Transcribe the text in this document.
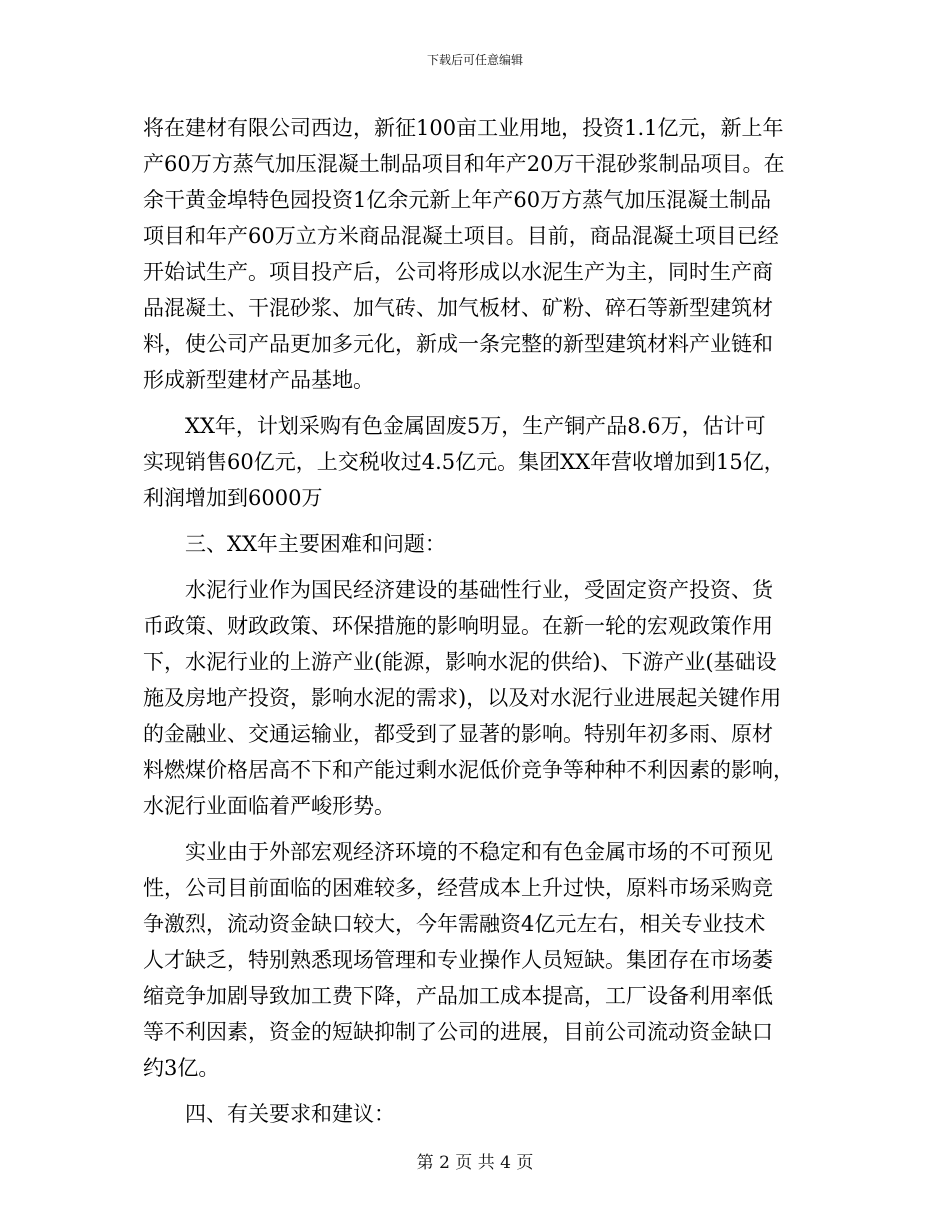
下载后可任意编辑
将在建材有限公司西边，新征100亩工业用地，投资1.1亿元，新上年
产60万方蒸气加压混凝土制品项目和年产20万干混砂浆制品项目。在
余干黄金埠特色园投资1亿余元新上年产60万方蒸气加压混凝土制品
项目和年产60万立方米商品混凝土项目。目前，商品混凝土项目已经
开始试生产。项目投产后，公司将形成以水泥生产为主，同时生产商
品混凝土、干混砂浆、加气砖、加气板材、矿粉、碎石等新型建筑材
料，使公司产品更加多元化，新成一条完整的新型建筑材料产业链和
形成新型建材产品基地。
XX年，计划采购有色金属固废5万，生产铜产品8.6万，估计可
实现销售60亿元，上交税收过4.5亿元。集团XX年营收增加到15亿，
利润增加到6000万
三、XX年主要困难和问题：
水泥行业作为国民经济建设的基础性行业，受固定资产投资、货
币政策、财政政策、环保措施的影响明显。在新一轮的宏观政策作用
下，水泥行业的上游产业(能源，影响水泥的供给)、下游产业(基础设
施及房地产投资，影响水泥的需求)，以及对水泥行业进展起关键作用
的金融业、交通运输业，都受到了显著的影响。特别年初多雨、原材
料燃煤价格居高不下和产能过剩水泥低价竞争等种种不利因素的影响，
水泥行业面临着严峻形势。
实业由于外部宏观经济环境的不稳定和有色金属市场的不可预见
性，公司目前面临的困难较多，经营成本上升过快，原料市场采购竞
争激烈，流动资金缺口较大，今年需融资4亿元左右，相关专业技术
人才缺乏，特别熟悉现场管理和专业操作人员短缺。集团存在市场萎
缩竞争加剧导致加工费下降，产品加工成本提高，工厂设备利用率低
等不利因素，资金的短缺抑制了公司的进展，目前公司流动资金缺口
约3亿。
四、有关要求和建议：
第 2 页 共 4 页
